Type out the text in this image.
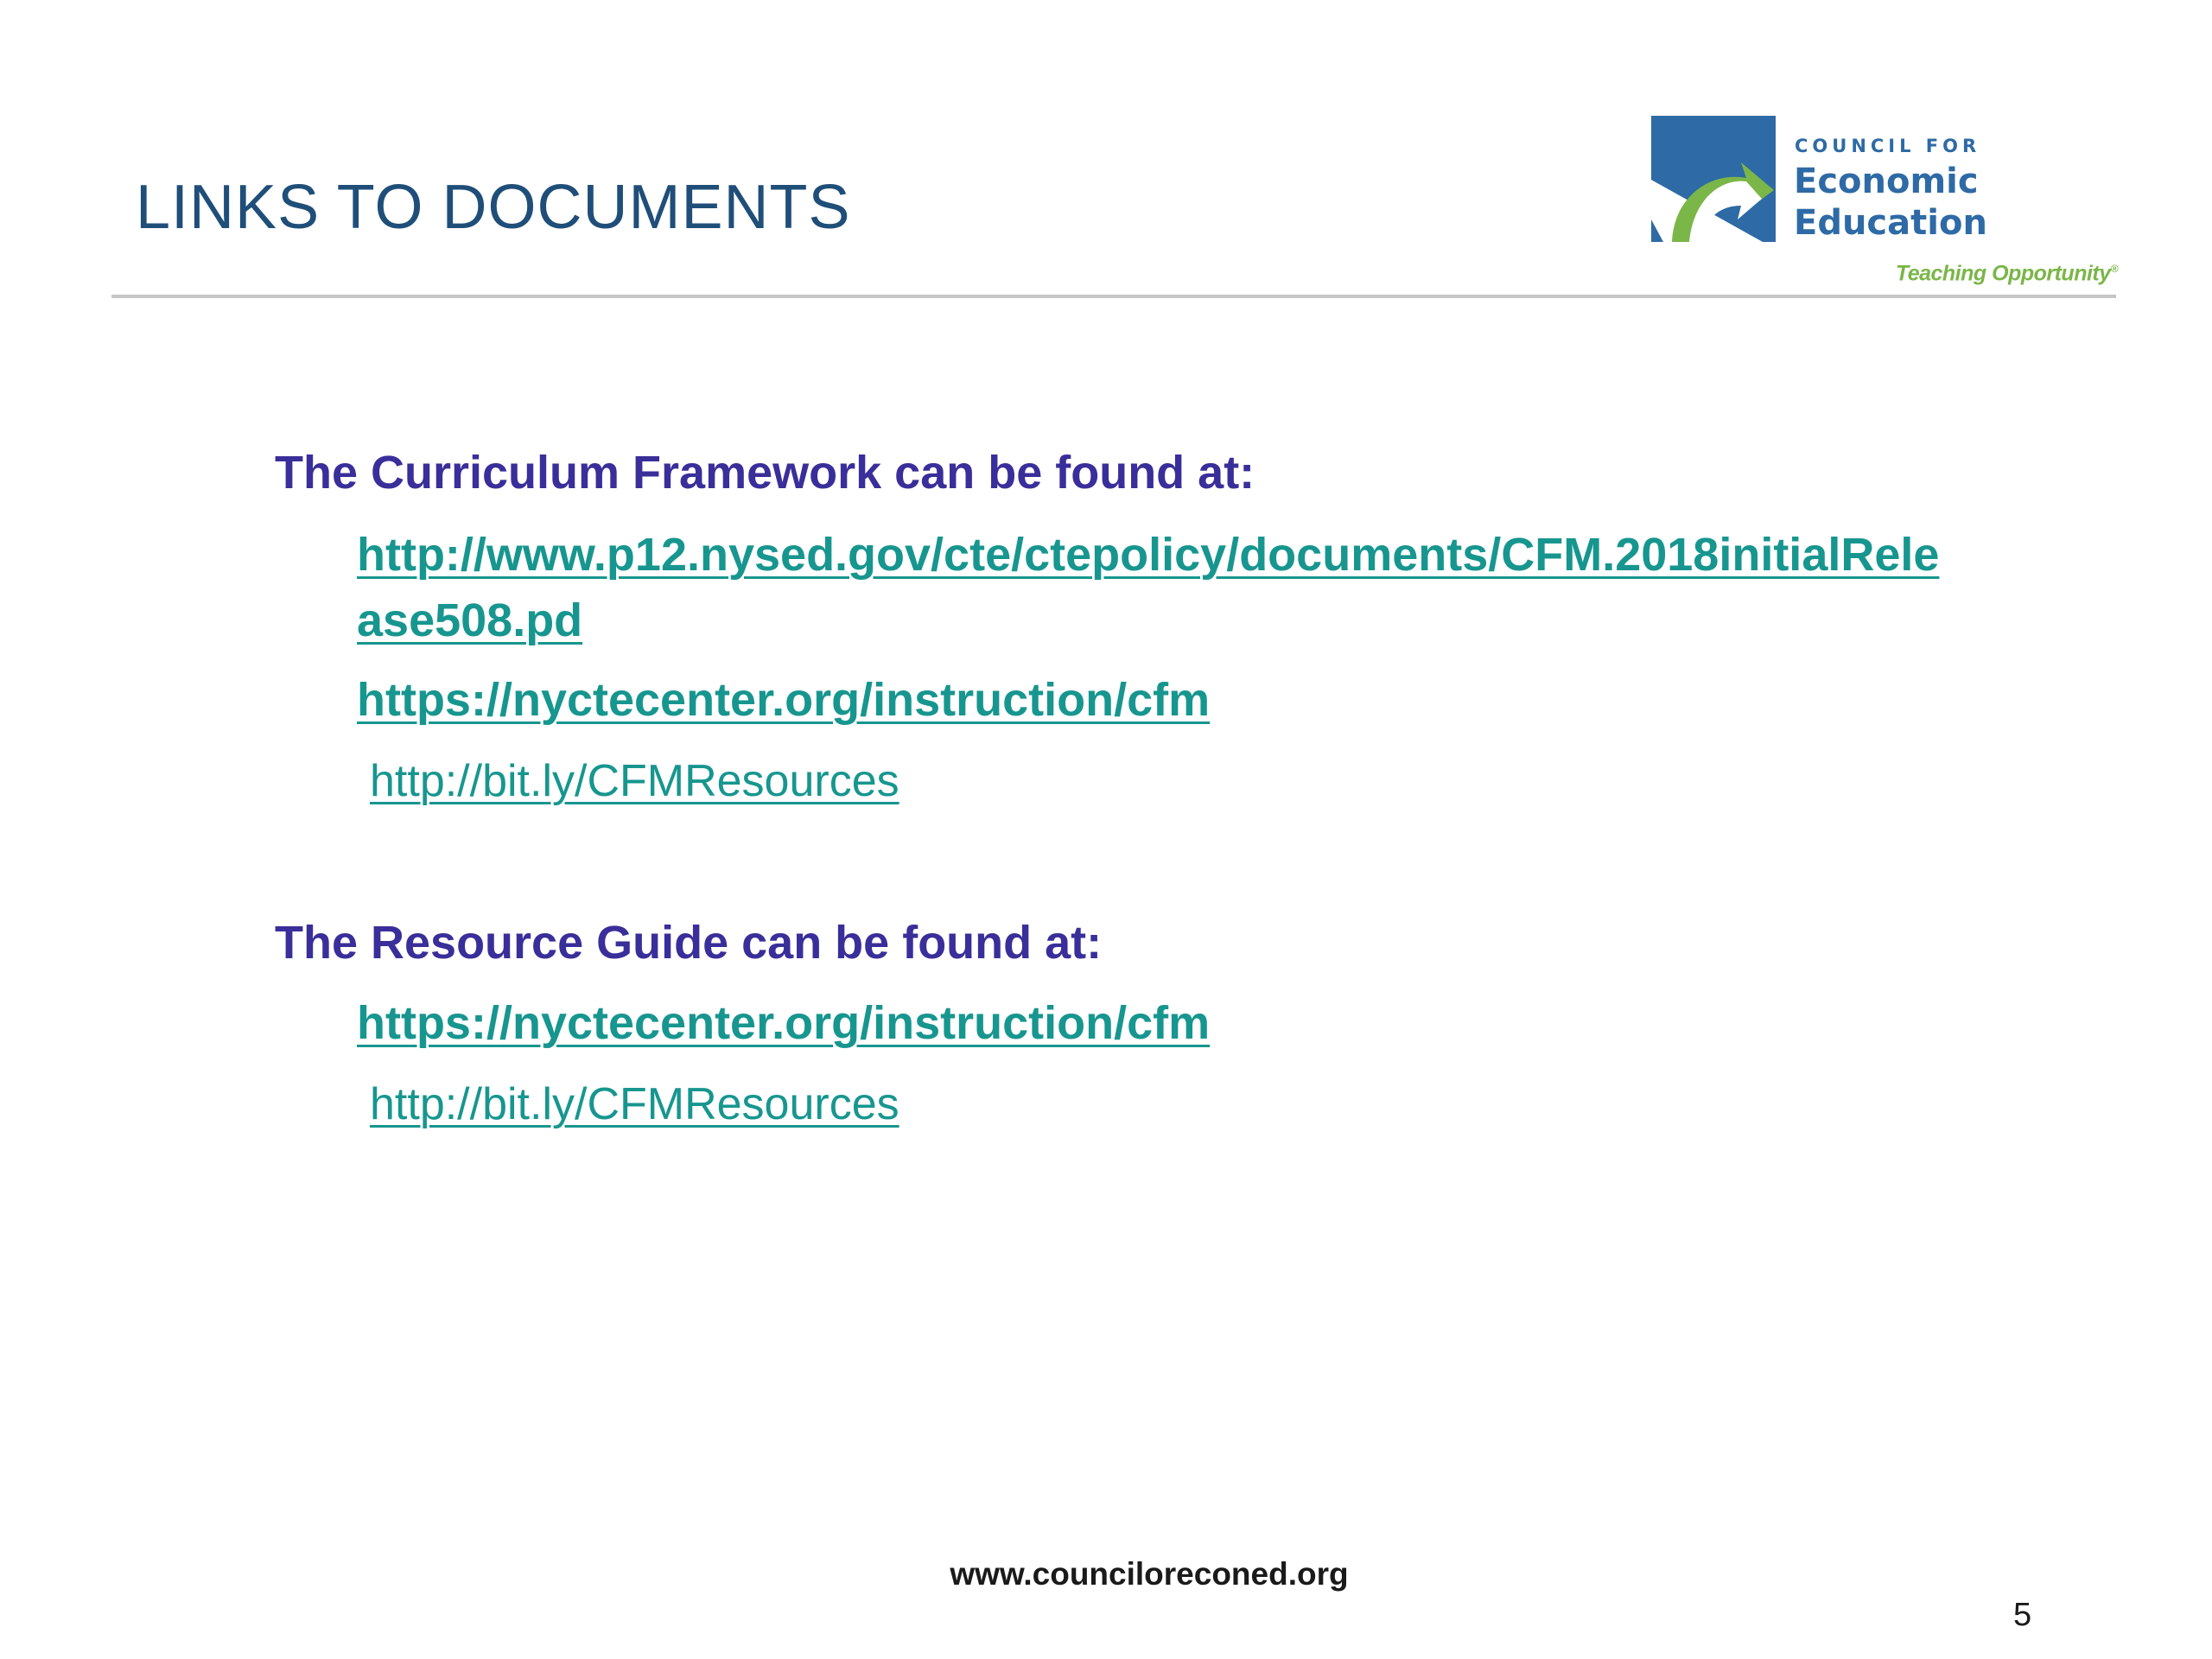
LINKS TO DOCUMENTS
COUNCIL FOR
Economic
Education
Teaching Opportunity®
The Curriculum Framework can be found at:
http://www.p12.nysed.gov/cte/ctepolicy/documents/CFM.2018initialRelease508.pd
https://nyctecenter.org/instruction/cfm
http://bit.ly/CFMResources
The Resource Guide can be found at:
https://nyctecenter.org/instruction/cfm
http://bit.ly/CFMResources
www.counciloreconed.org
5
